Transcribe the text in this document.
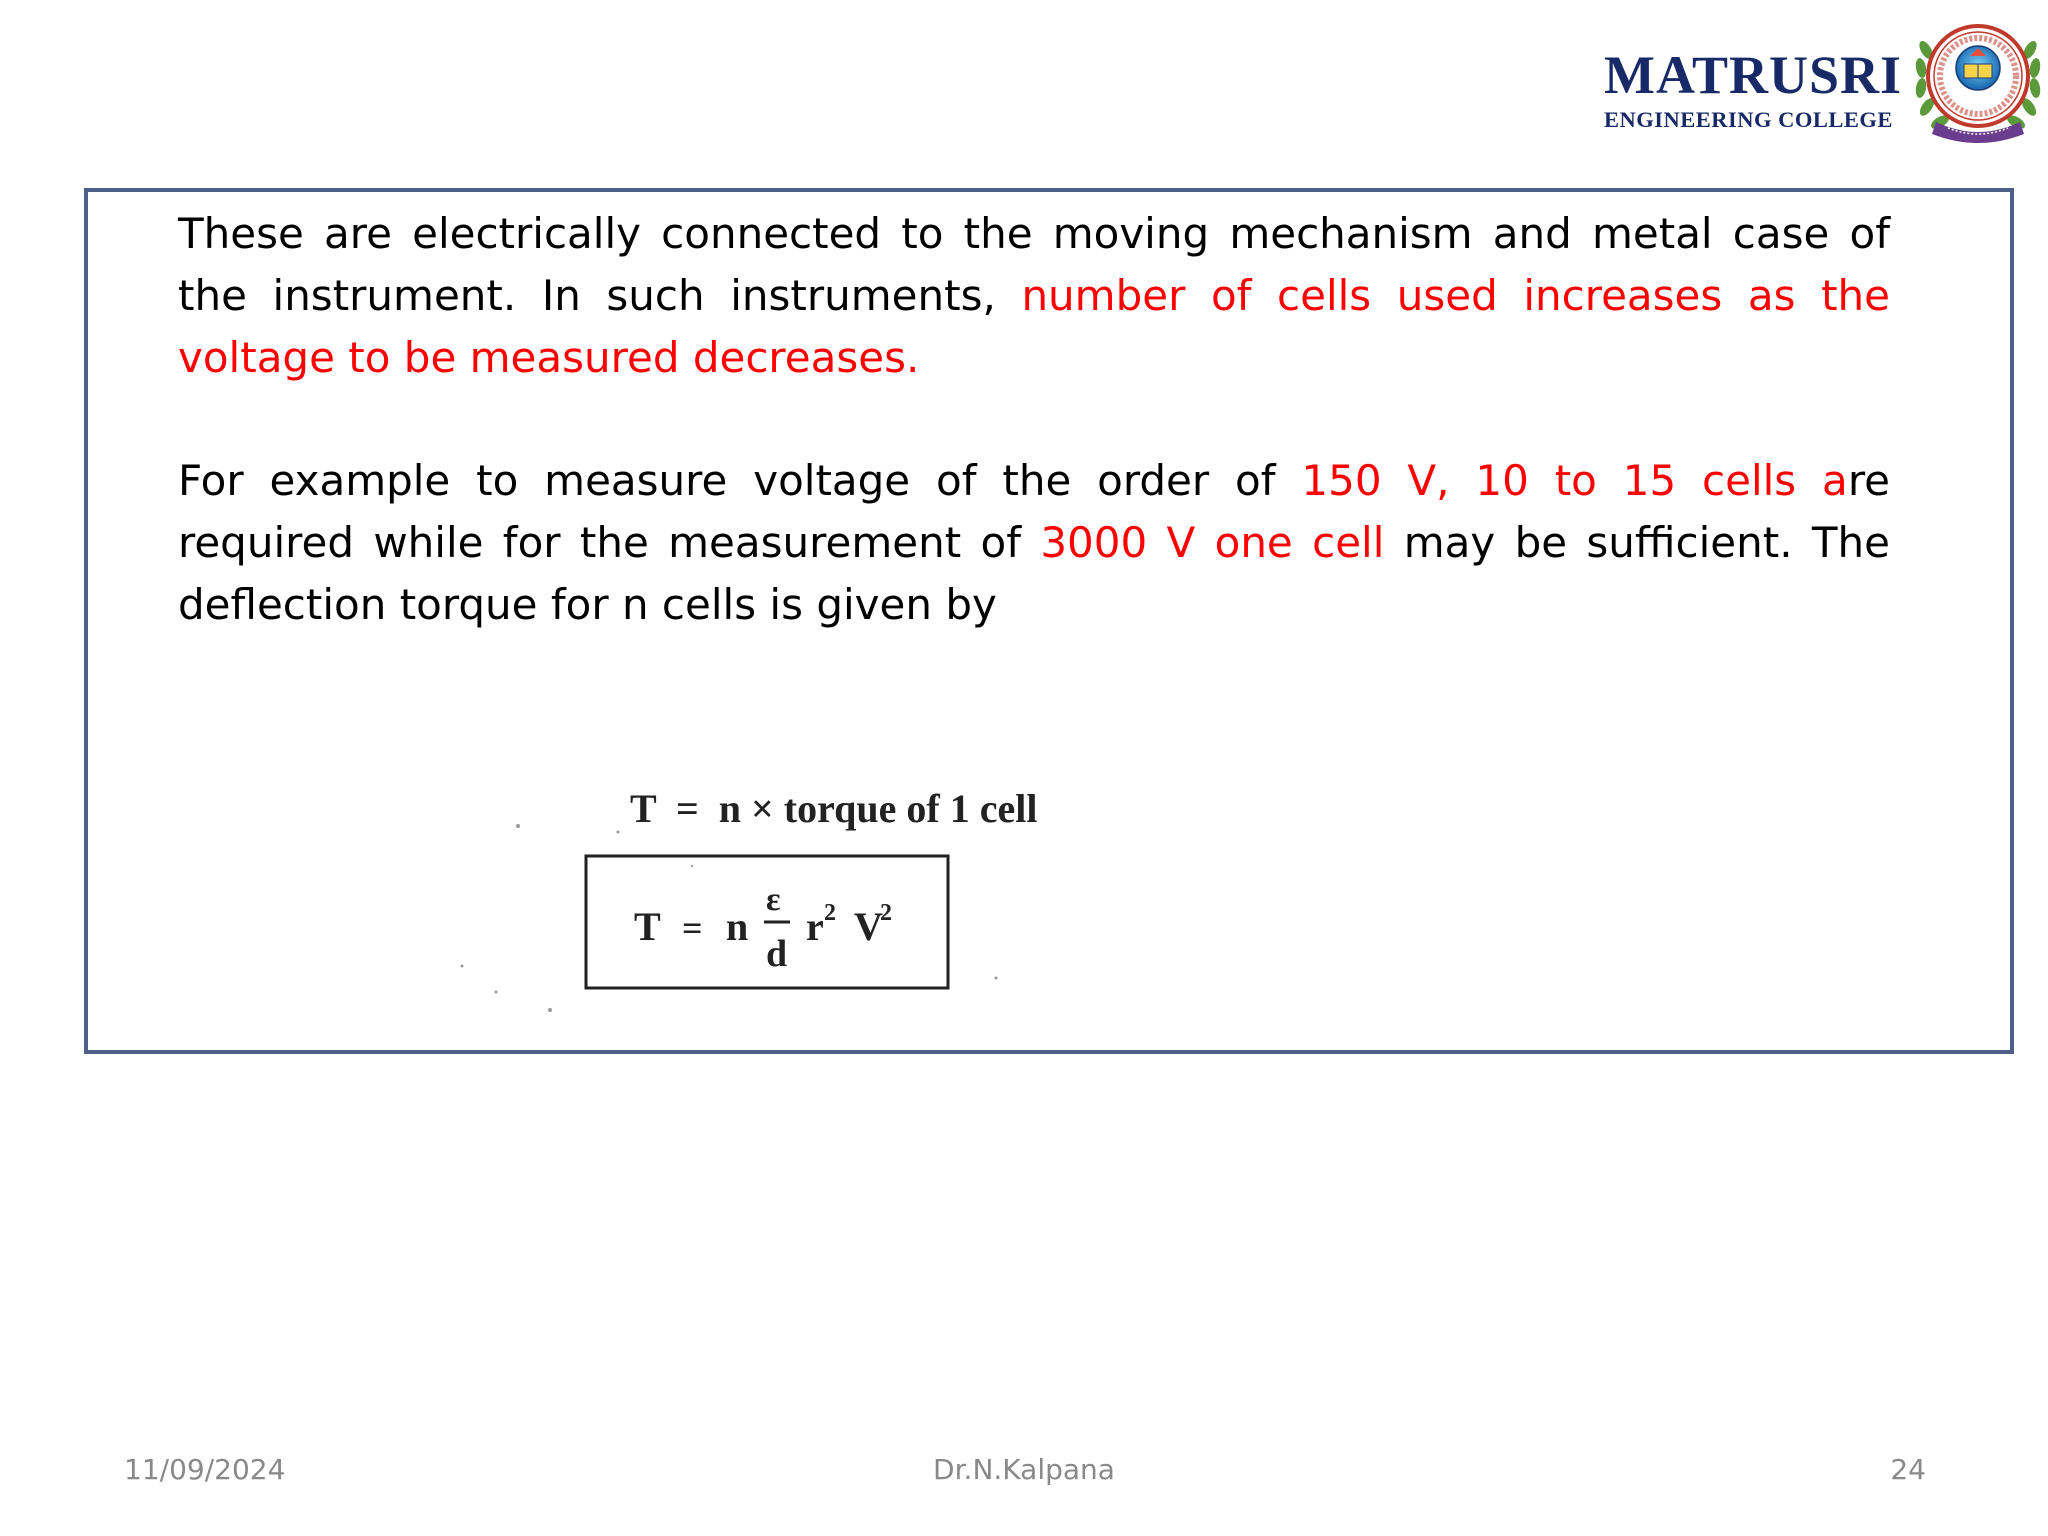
MATRUSRI
ENGINEERING COLLEGE

These are electrically connected to the moving mechanism and metal case of the instrument. In such instruments, number of cells used increases as the voltage to be measured decreases.

For example to measure voltage of the order of 150 V, 10 to 15 cells are required while for the measurement of 3000 V one cell may be sufficient. The deflection torque for n cells is given by

T  =  n × torque of 1 cell
T = n
ε
d
r 2 V
2
11/09/2024	Dr.N.Kalpana	24
